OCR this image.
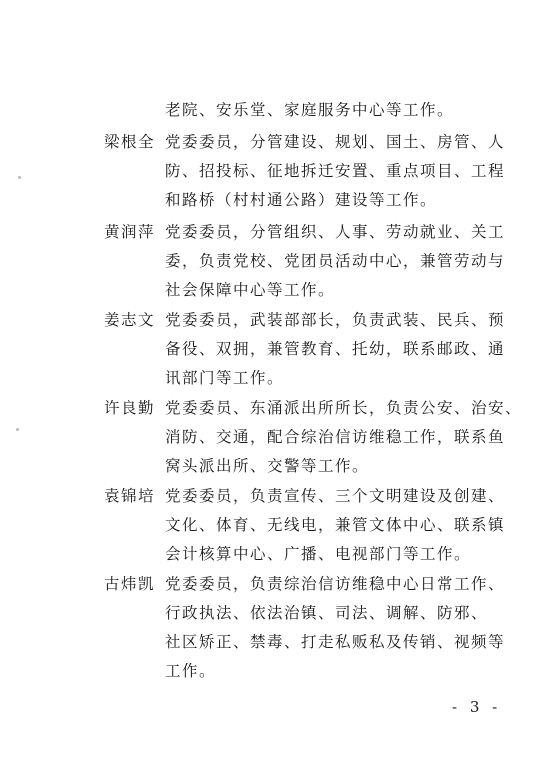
老院、安乐堂、家庭服务中心等工作。
梁根全 党委委员，分管建设、规划、国土、房管、人
防、招投标、征地拆迁安置、重点项目、工程
和路桥（村村通公路）建设等工作。
黄润萍 党委委员，分管组织、人事、劳动就业、关工
委，负责党校、党团员活动中心，兼管劳动与
社会保障中心等工作。
姜志文 党委委员，武装部部长，负责武装、民兵、预
备役、双拥，兼管教育、托幼，联系邮政、通
讯部门等工作。
许良勤 党委委员、东涌派出所所长，负责公安、治安、
消防、交通，配合综治信访维稳工作，联系鱼
窝头派出所、交警等工作。
袁锦培 党委委员，负责宣传、三个文明建设及创建、
文化、体育、无线电，兼管文体中心、联系镇
会计核算中心、广播、电视部门等工作。
古炜凯 党委委员，负责综治信访维稳中心日常工作、
行政执法、依法治镇、司法、调解、防邪、
社区矫正、禁毒、打走私贩私及传销、视频等
工作。
- 3 -
